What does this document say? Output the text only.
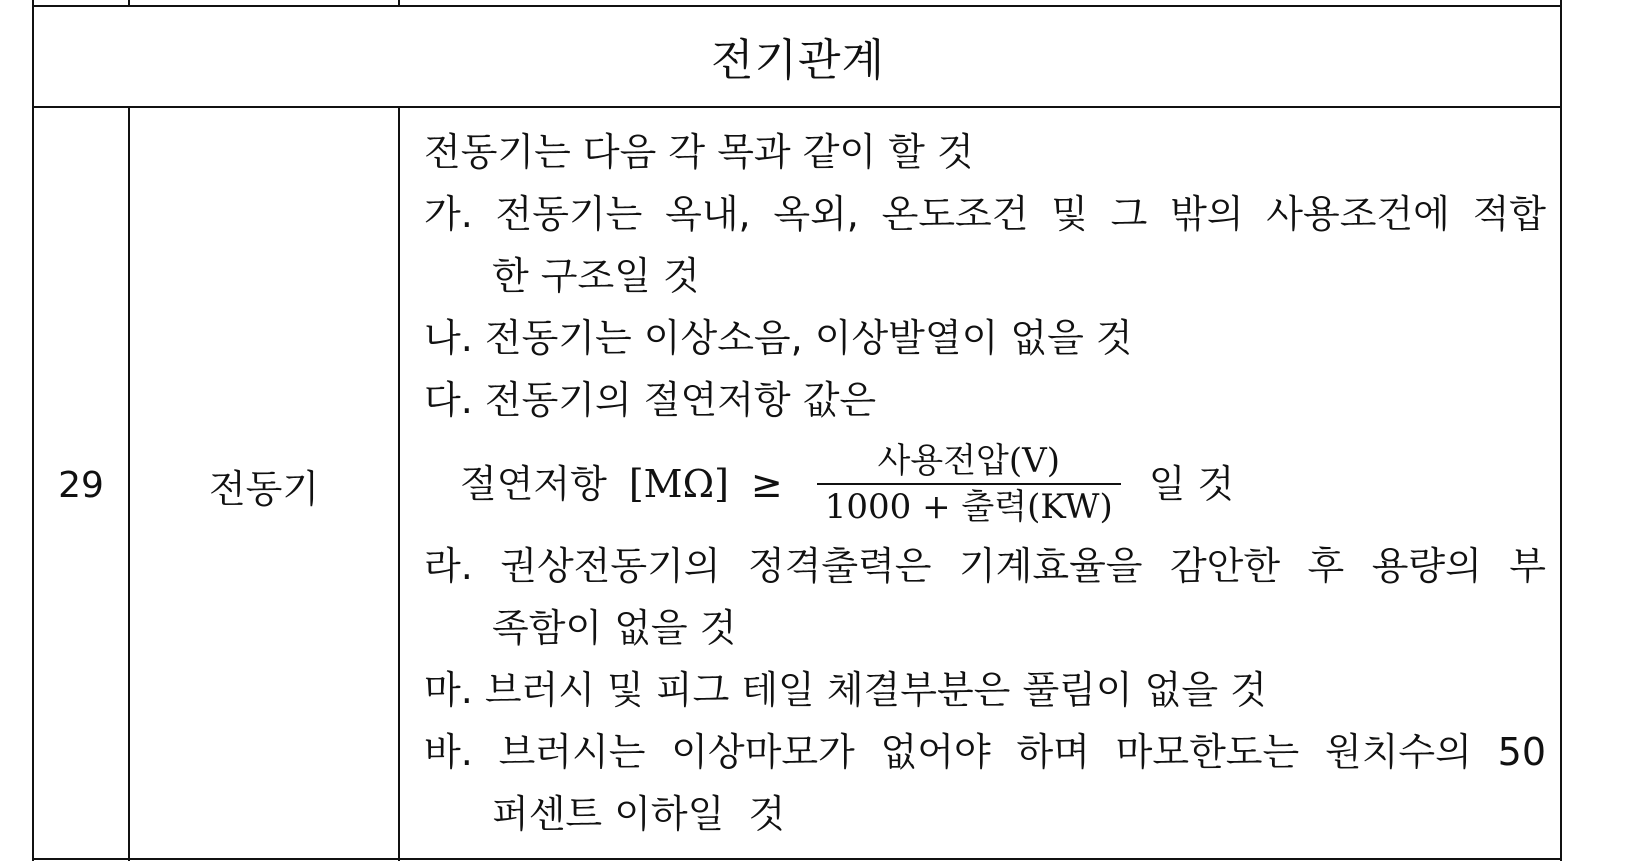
전기관계
29	전동기
전동기는 다음 각 목과 같이 할 것
가. 전동기는 옥내, 옥외, 온도조건 및 그 밖의 사용조건에 적합
한 구조일 것
나. 전동기는 이상소음, 이상발열이 없을 것
다. 전동기의 절연저항 값은
절연저항 $[M\Omega] \ge \frac{\text{사용전압(V)}}{\text{1000 + 출력(KW)}}$ 일 것
라. 권상전동기의 정격출력은 기계효율을 감안한 후 용량의 부
족함이 없을 것
마. 브러시 및 피그 테일 체결부분은 풀림이 없을 것
바. 브러시는 이상마모가 없어야 하며 마모한도는 원치수의 50
퍼센트 이하일  것
